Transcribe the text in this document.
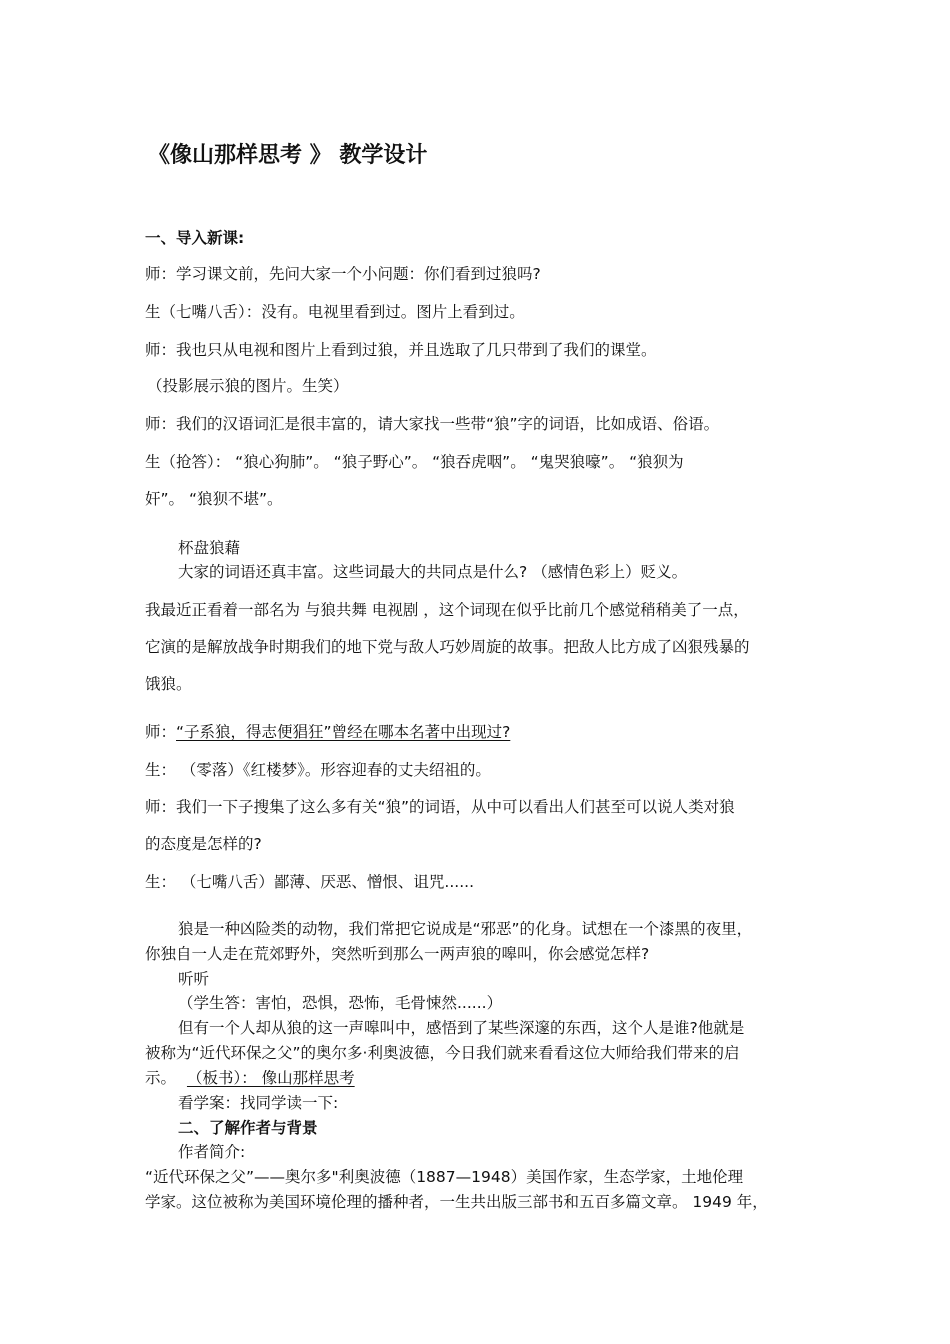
《像山那样思考 》 教学设计
一、导入新课:
师：学习课文前，先问大家一个小问题：你们看到过狼吗?
生（七嘴八舌）：没有。电视里看到过。图片上看到过。
师：我也只从电视和图片上看到过狼，并且选取了几只带到了我们的课堂。
（投影展示狼的图片。生笑）
师：我们的汉语词汇是很丰富的，请大家找一些带“狼”字的词语，比如成语、俗语。
生（抢答）： “狼心狗肺”。 “狼子野心”。 “狼吞虎咽”。 “鬼哭狼嚎”。 “狼狈为
奸”。 “狼狈不堪”。
杯盘狼藉
大家的词语还真丰富。这些词最大的共同点是什么? （感情色彩上）贬义。
我最近正看着一部名为 与狼共舞 电视剧 ，这个词现在似乎比前几个感觉稍稍美了一点，
它演的是解放战争时期我们的地下党与敌人巧妙周旋的故事。把敌人比方成了凶狠残暴的
饿狼。
师：“子系狼，得志便猖狂”曾经在哪本名著中出现过?
生： （零落）《红楼梦》。形容迎春的丈夫绍祖的。
师：我们一下子搜集了这么多有关“狼”的词语，从中可以看出人们甚至可以说人类对狼
的态度是怎样的?
生： （七嘴八舌）鄙薄、厌恶、憎恨、诅咒......
狼是一种凶险类的动物，我们常把它说成是“邪恶”的化身。试想在一个漆黑的夜里，
你独自一人走在荒郊野外，突然听到那么一两声狼的嗥叫，你会感觉怎样?
听听
（学生答：害怕，恐惧，恐怖，毛骨悚然......）
但有一个人却从狼的这一声嗥叫中，感悟到了某些深邃的东西，这个人是谁?他就是
被称为“近代环保之父”的奥尔多·利奥波德，今日我们就来看看这位大师给我们带来的启
示。 （板书）： 像山那样思考
看学案：找同学读一下:
二、了解作者与背景
作者简介:
“近代环保之父”——奥尔多"利奥波德（1887—1948）美国作家，生态学家，土地伦理
学家。这位被称为美国环境伦理的播种者，一生共出版三部书和五百多篇文章。 1949 年，
